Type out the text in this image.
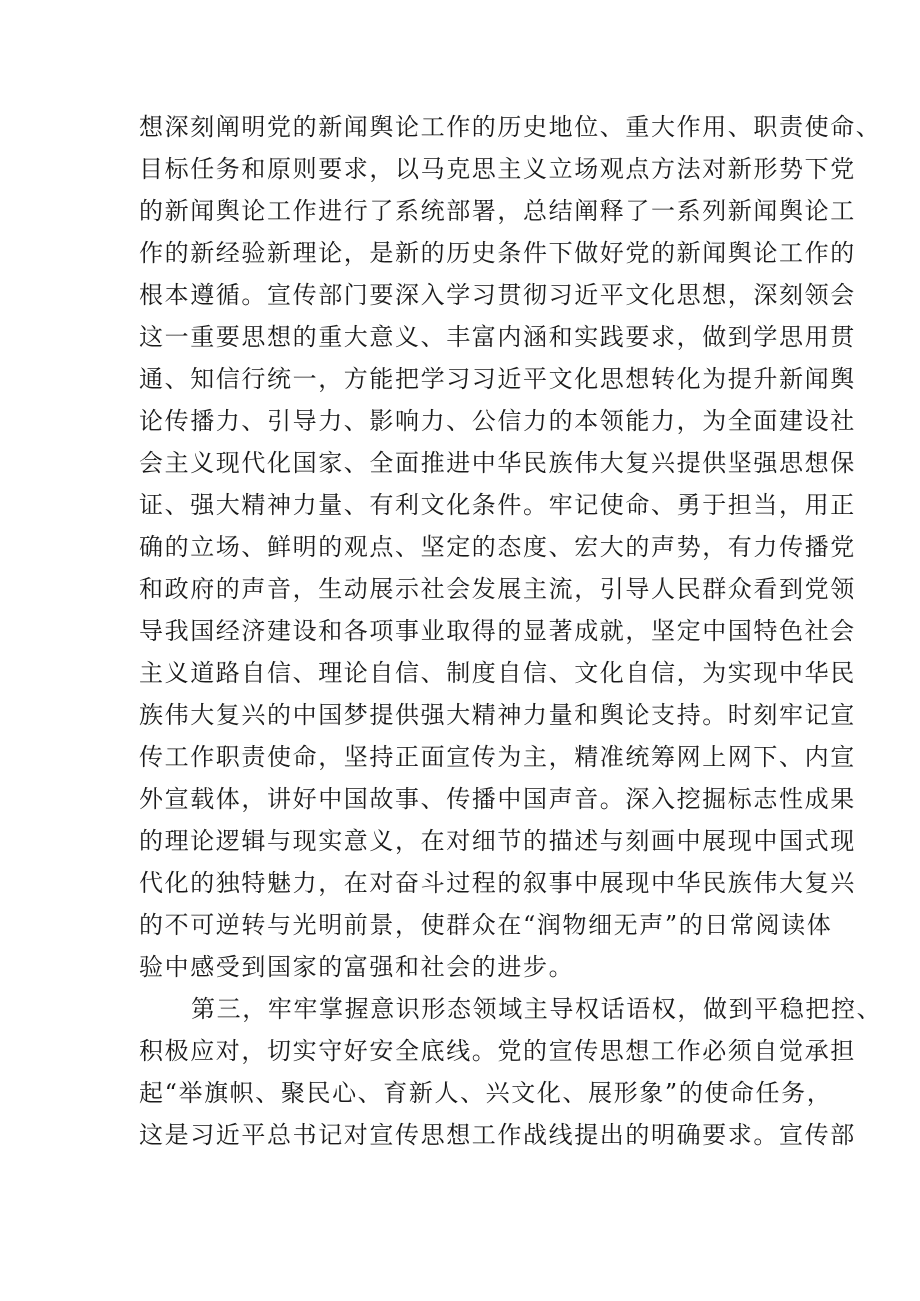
想深刻阐明党的新闻舆论工作的历史地位、重大作用、职责使命、
目标任务和原则要求，以马克思主义立场观点方法对新形势下党
的新闻舆论工作进行了系统部署，总结阐释了一系列新闻舆论工
作的新经验新理论，是新的历史条件下做好党的新闻舆论工作的
根本遵循。宣传部门要深入学习贯彻习近平文化思想，深刻领会
这一重要思想的重大意义、丰富内涵和实践要求，做到学思用贯
通、知信行统一，方能把学习习近平文化思想转化为提升新闻舆
论传播力、引导力、影响力、公信力的本领能力，为全面建设社
会主义现代化国家、全面推进中华民族伟大复兴提供坚强思想保
证、强大精神力量、有利文化条件。牢记使命、勇于担当，用正
确的立场、鲜明的观点、坚定的态度、宏大的声势，有力传播党
和政府的声音，生动展示社会发展主流，引导人民群众看到党领
导我国经济建设和各项事业取得的显著成就，坚定中国特色社会
主义道路自信、理论自信、制度自信、文化自信，为实现中华民
族伟大复兴的中国梦提供强大精神力量和舆论支持。时刻牢记宣
传工作职责使命，坚持正面宣传为主，精准统筹网上网下、内宣
外宣载体，讲好中国故事、传播中国声音。深入挖掘标志性成果
的理论逻辑与现实意义，在对细节的描述与刻画中展现中国式现
代化的独特魅力，在对奋斗过程的叙事中展现中华民族伟大复兴
的不可逆转与光明前景，使群众在“润物细无声”的日常阅读体
验中感受到国家的富强和社会的进步。
第三，牢牢掌握意识形态领域主导权话语权，做到平稳把控、
积极应对，切实守好安全底线。党的宣传思想工作必须自觉承担
起“举旗帜、聚民心、育新人、兴文化、展形象”的使命任务，
这是习近平总书记对宣传思想工作战线提出的明确要求。宣传部
